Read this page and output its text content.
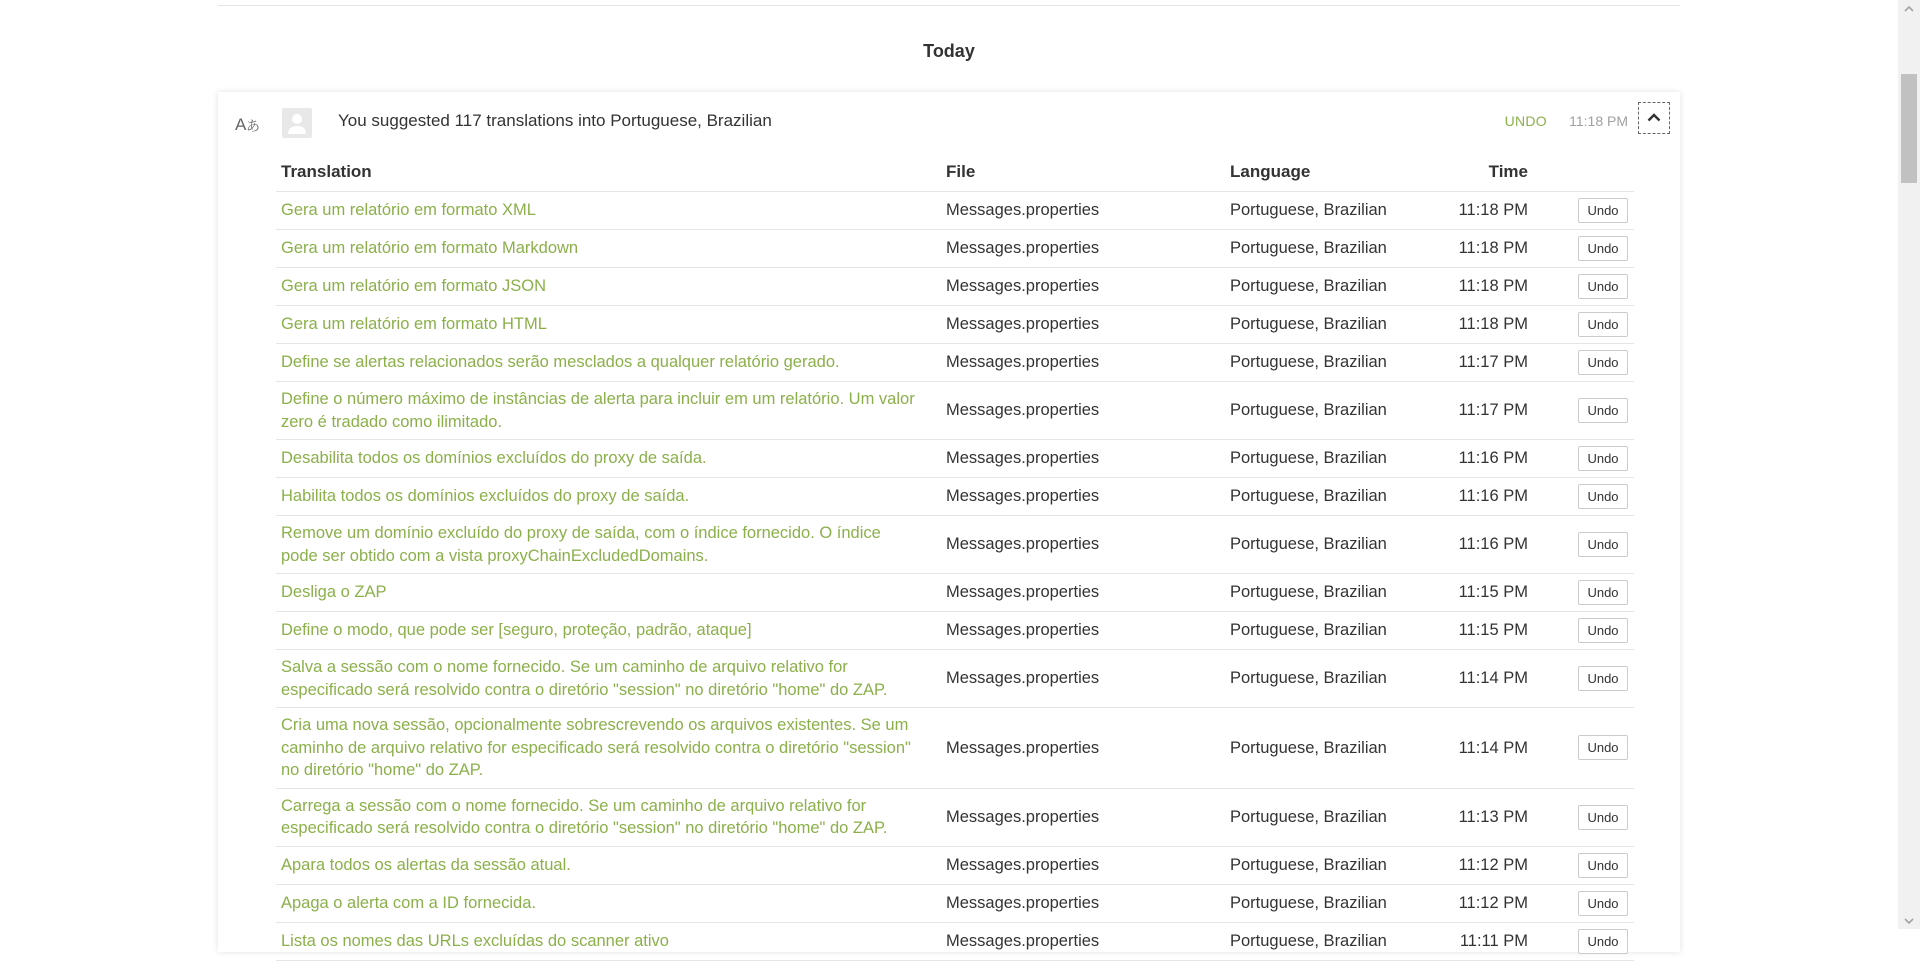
Today
A あ	You suggested 117 translations into Portuguese, Brazilian	UNDO 11:18 PM
Translation	File	Language	Time	
Gera um relatório em formato XML	Messages.properties	Portuguese, Brazilian	11:18 PM	Undo
Gera um relatório em formato Markdown	Messages.properties	Portuguese, Brazilian	11:18 PM	Undo
Gera um relatório em formato JSON	Messages.properties	Portuguese, Brazilian	11:18 PM	Undo
Gera um relatório em formato HTML	Messages.properties	Portuguese, Brazilian	11:18 PM	Undo
Define se alertas relacionados serão mesclados a qualquer relatório gerado.	Messages.properties	Portuguese, Brazilian	11:17 PM	Undo
Define o número máximo de instâncias de alerta para incluir em um relatório. Um valor zero é tradado como ilimitado.	Messages.properties	Portuguese, Brazilian	11:17 PM	Undo
Desabilita todos os domínios excluídos do proxy de saída.	Messages.properties	Portuguese, Brazilian	11:16 PM	Undo
Habilita todos os domínios excluídos do proxy de saída.	Messages.properties	Portuguese, Brazilian	11:16 PM	Undo
Remove um domínio excluído do proxy de saída, com o índice fornecido. O índice pode ser obtido com a vista proxyChainExcludedDomains.	Messages.properties	Portuguese, Brazilian	11:16 PM	Undo
Desliga o ZAP	Messages.properties	Portuguese, Brazilian	11:15 PM	Undo
Define o modo, que pode ser [seguro, proteção, padrão, ataque]	Messages.properties	Portuguese, Brazilian	11:15 PM	Undo
Salva a sessão com o nome fornecido. Se um caminho de arquivo relativo for especificado será resolvido contra o diretório "session" no diretório "home" do ZAP.	Messages.properties	Portuguese, Brazilian	11:14 PM	Undo
Cria uma nova sessão, opcionalmente sobrescrevendo os arquivos existentes. Se um caminho de arquivo relativo for especificado será resolvido contra o diretório "session" no diretório "home" do ZAP.	Messages.properties	Portuguese, Brazilian	11:14 PM	Undo
Carrega a sessão com o nome fornecido. Se um caminho de arquivo relativo for especificado será resolvido contra o diretório "session" no diretório "home" do ZAP.	Messages.properties	Portuguese, Brazilian	11:13 PM	Undo
Apara todos os alertas da sessão atual.	Messages.properties	Portuguese, Brazilian	11:12 PM	Undo
Apaga o alerta com a ID fornecida.	Messages.properties	Portuguese, Brazilian	11:12 PM	Undo
Lista os nomes das URLs excluídas do scanner ativo	Messages.properties	Portuguese, Brazilian	11:11 PM	Undo
